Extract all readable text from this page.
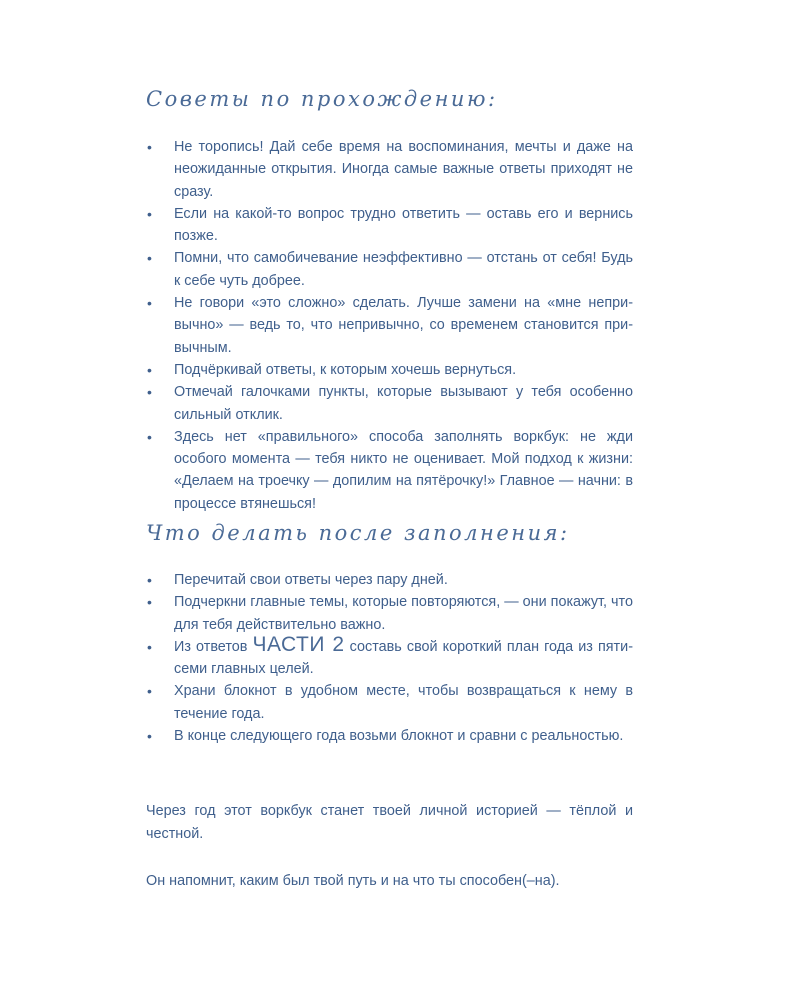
Советы по прохождению:
• Не торопись! Дай себе время на воспоминания, мечты и даже на неожиданные открытия. Иногда самые важные ответы приходят не сразу.
• Если на какой-то вопрос трудно ответить — оставь его и вернись позже.
• Помни, что самобичевание неэффективно — отстань от себя! Будь к себе чуть добрее.
• Не говори «это сложно» сделать. Лучше замени на «мне непривычно» — ведь то, что непривычно, со временем становится привычным.
• Подчёркивай ответы, к которым хочешь вернуться.
• Отмечай галочками пункты, которые вызывают у тебя особенно сильный отклик.
• Здесь нет «правильного» способа заполнять воркбук: не жди особого момента — тебя никто не оценивает. Мой подход к жизни: «Делаем на троечку — допилим на пятёрочку!» Главное — начни: в процессе втянешься!
Что делать после заполнения:
• Перечитай свои ответы через пару дней.
• Подчеркни главные темы, которые повторяются, — они покажут, что для тебя действительно важно.
• Из ответов ЧАСТИ 2 составь свой короткий план года из пяти-семи главных целей.
• Храни блокнот в удобном месте, чтобы возвращаться к нему в течение года.
• В конце следующего года возьми блокнот и сравни с реальностью.

Через год этот воркбук станет твоей личной историей — тёплой и честной.

Он напомнит, каким был твой путь и на что ты способен(–на).
